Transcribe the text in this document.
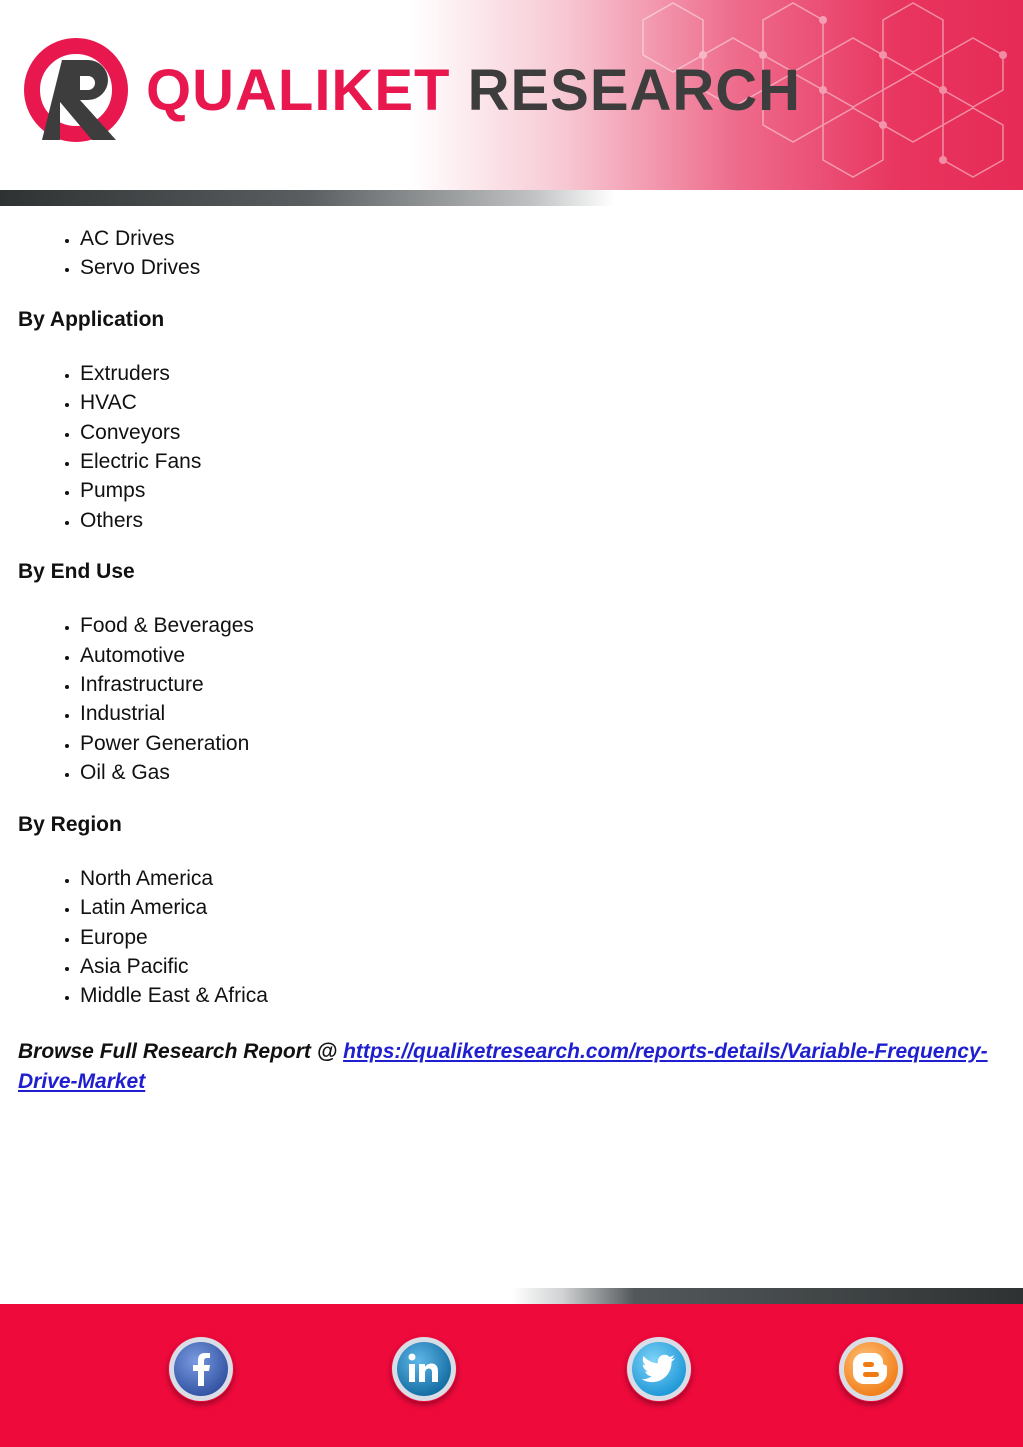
QUALIKET RESEARCH
• AC Drives
• Servo Drives
By Application
• Extruders
• HVAC
• Conveyors
• Electric Fans
• Pumps
• Others
By End Use
• Food & Beverages
• Automotive
• Infrastructure
• Industrial
• Power Generation
• Oil & Gas
By Region
• North America
• Latin America
• Europe
• Asia Pacific
• Middle East & Africa
Browse Full Research Report @ https://qualiketresearch.com/reports-details/Variable-Frequency-Drive-Market
